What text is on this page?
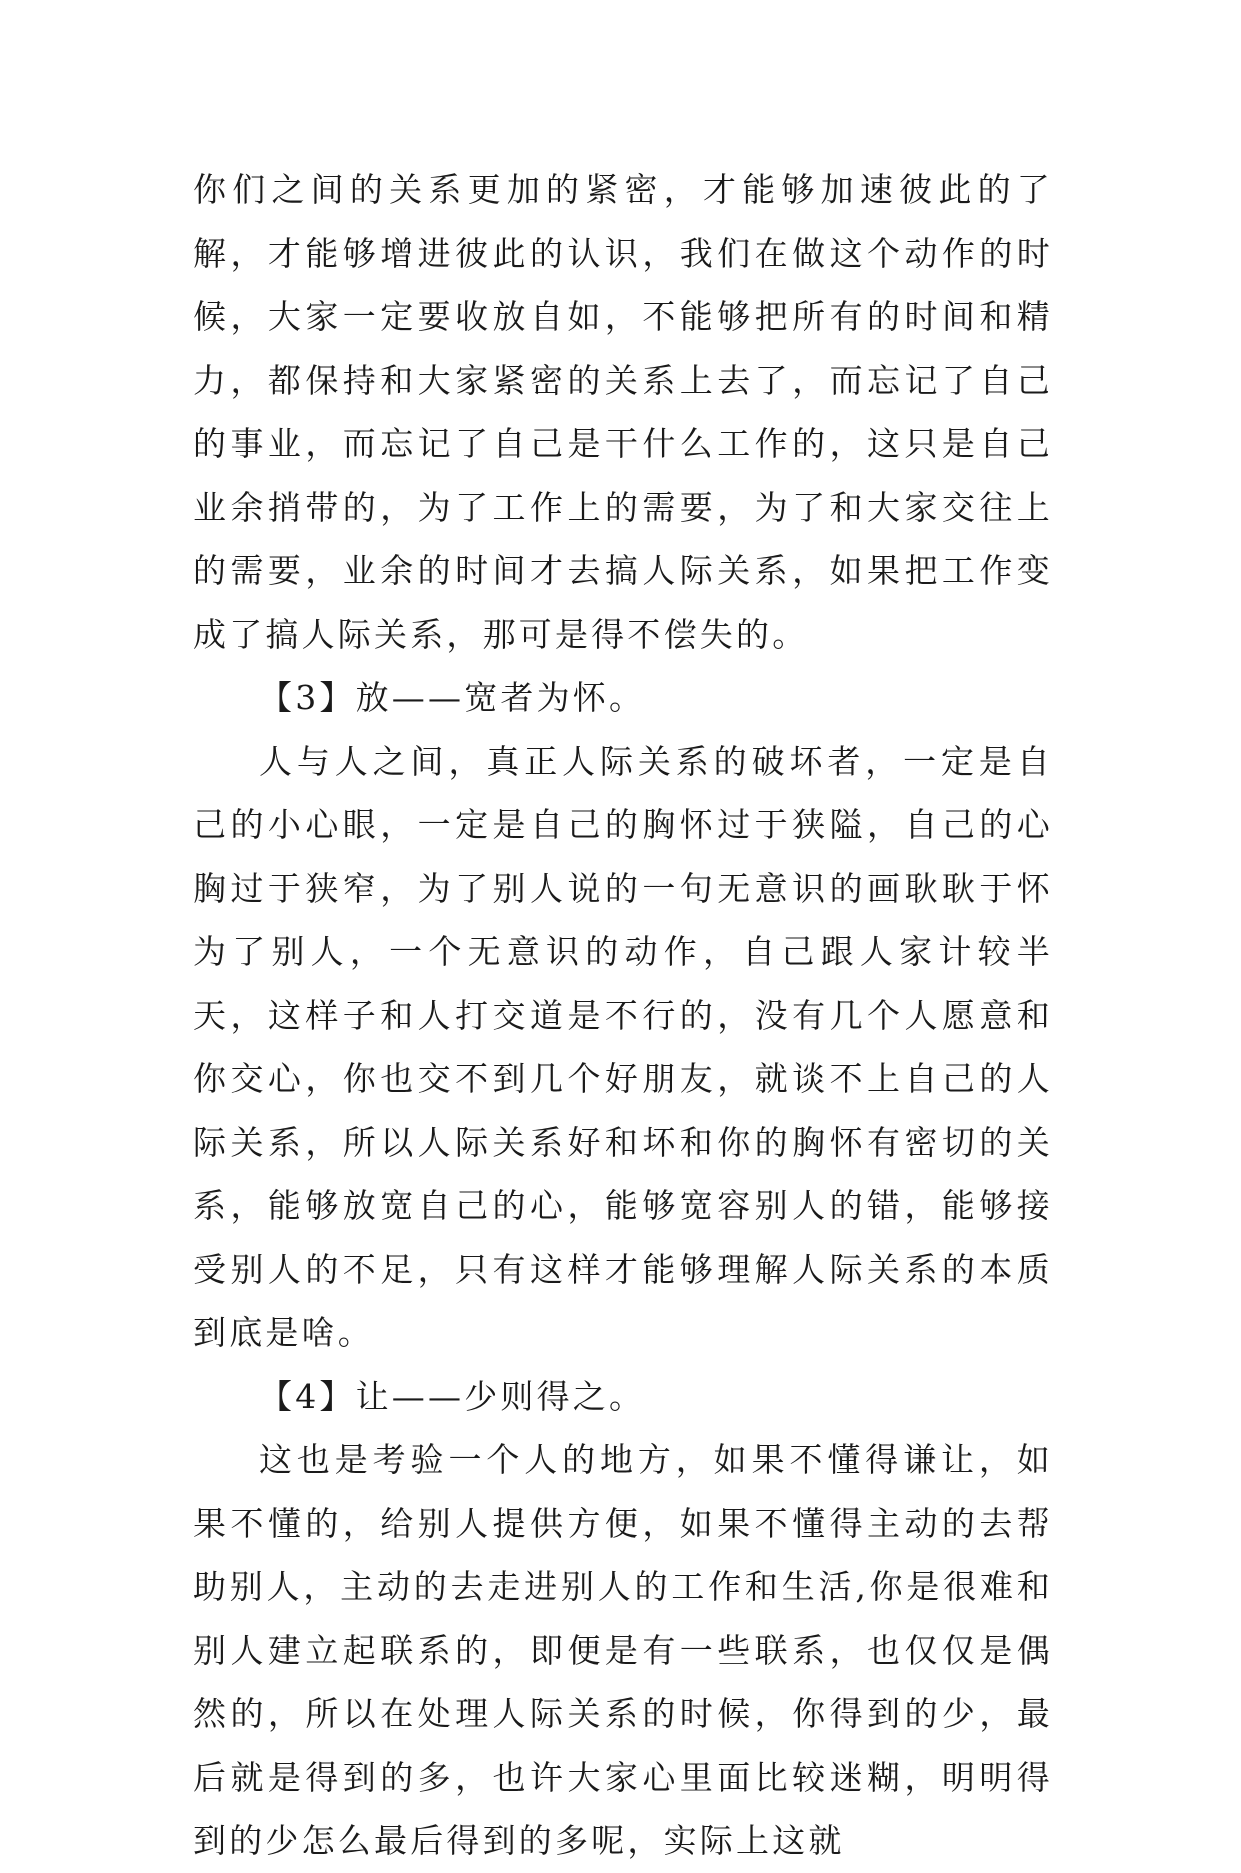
你们之间的关系更加的紧密，才能够加速彼此的了解，才能够增进彼此的认识，我们在做这个动作的时候，大家一定要收放自如，不能够把所有的时间和精力，都保持和大家紧密的关系上去了，而忘记了自己的事业，而忘记了自己是干什么工作的，这只是自己业余捎带的，为了工作上的需要，为了和大家交往上的需要，业余的时间才去搞人际关系，如果把工作变成了搞人际关系，那可是得不偿失的。

【3】放——宽者为怀。

人与人之间，真正人际关系的破坏者，一定是自己的小心眼，一定是自己的胸怀过于狭隘，自己的心胸过于狭窄，为了别人说的一句无意识的画耿耿于怀为了别人，一个无意识的动作，自己跟人家计较半天，这样子和人打交道是不行的，没有几个人愿意和你交心，你也交不到几个好朋友，就谈不上自己的人际关系，所以人际关系好和坏和你的胸怀有密切的关系，能够放宽自己的心，能够宽容别人的错，能够接受别人的不足，只有这样才能够理解人际关系的本质到底是啥。

【4】让——少则得之。

这也是考验一个人的地方，如果不懂得谦让，如果不懂的，给别人提供方便，如果不懂得主动的去帮助别人，主动的去走进别人的工作和生活,你是很难和别人建立起联系的，即便是有一些联系，也仅仅是偶然的，所以在处理人际关系的时候，你得到的少，最后就是得到的多，也许大家心里面比较迷糊，明明得到的少怎么最后得到的多呢，实际上这就
